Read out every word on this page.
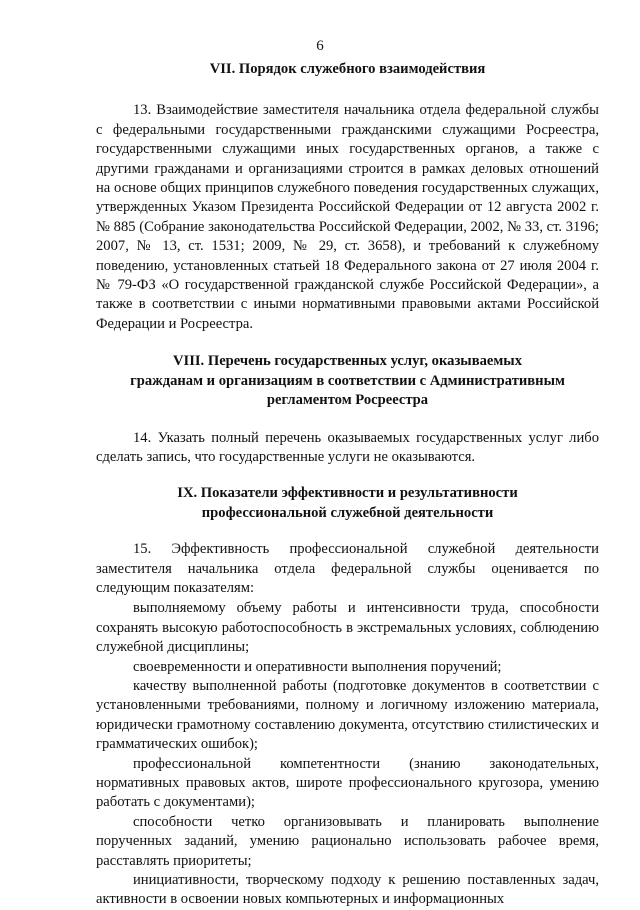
6
VII. Порядок служебного взаимодействия

13. Взаимодействие заместителя начальника отдела федеральной службы с федеральными государственными гражданскими служащими Росреестра, государственными служащими иных государственных органов, а также с другими гражданами и организациями строится в рамках деловых отношений на основе общих принципов служебного поведения государственных служащих, утвержденных Указом Президента Российской Федерации от 12 августа 2002 г. № 885 (Собрание законодательства Российской Федерации, 2002, № 33, ст. 3196; 2007, № 13, ст. 1531; 2009, № 29, ст. 3658), и требований к служебному поведению, установленных статьей 18 Федерального закона от 27 июля 2004 г. № 79-ФЗ «О государственной гражданской службе Российской Федерации», а также в соответствии с иными нормативными правовыми актами Российской Федерации и Росреестра.

VIII. Перечень государственных услуг, оказываемых
гражданам и организациям в соответствии с Административным
регламентом Росреестра

14. Указать полный перечень оказываемых государственных услуг либо сделать запись, что государственные услуги не оказываются.

IX. Показатели эффективности и результативности
профессиональной служебной деятельности

15. Эффективность профессиональной служебной деятельности заместителя начальника отдела федеральной службы оценивается по следующим показателям:

выполняемому объему работы и интенсивности труда, способности сохранять высокую работоспособность в экстремальных условиях, соблюдению служебной дисциплины;

своевременности и оперативности выполнения поручений;

качеству выполненной работы (подготовке документов в соответствии с установленными требованиями, полному и логичному изложению материала, юридически грамотному составлению документа, отсутствию стилистических и грамматических ошибок);

профессиональной компетентности (знанию законодательных, нормативных правовых актов, широте профессионального кругозора, умению работать с документами);

способности четко организовывать и планировать выполнение порученных заданий, умению рационально использовать рабочее время, расставлять приоритеты;

инициативности, творческому подходу к решению поставленных задач, активности в освоении новых компьютерных и информационных
